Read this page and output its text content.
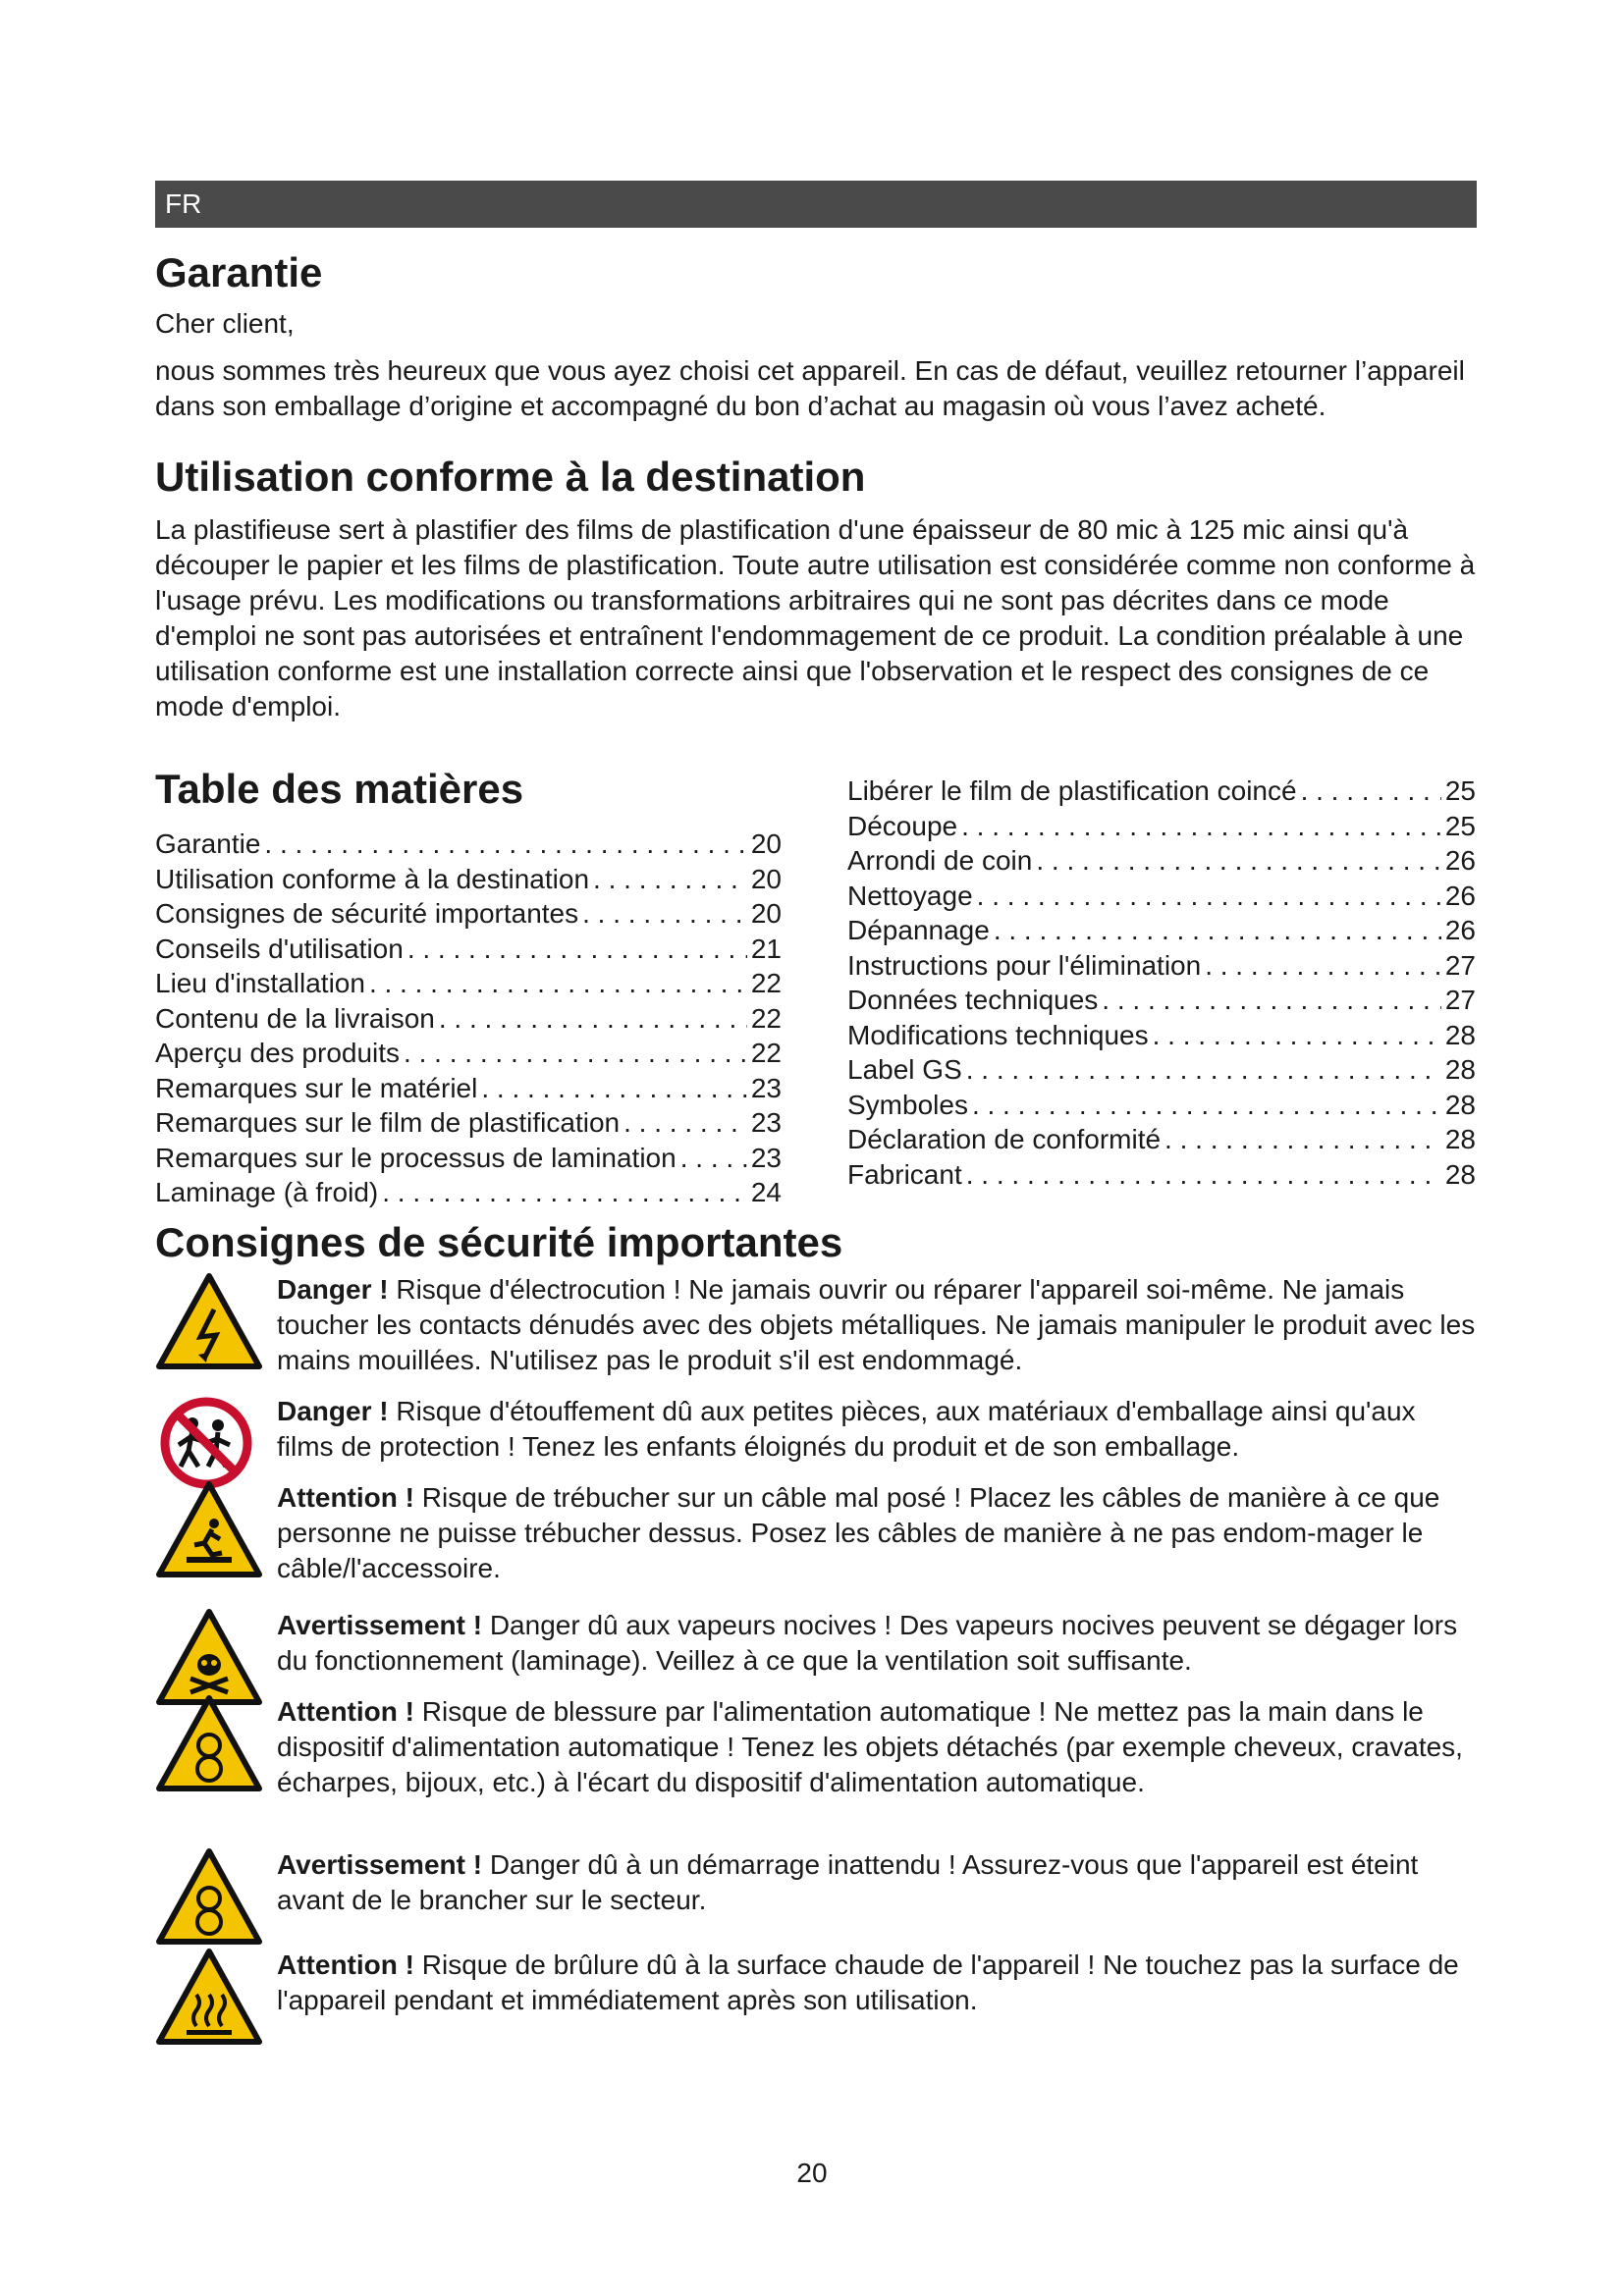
FR
Garantie

Cher client,

nous sommes très heureux que vous ayez choisi cet appareil. En cas de défaut, veuillez retourner l’appareil dans son emballage d’origine et accompagné du bon d’achat au magasin où vous l’avez acheté.

Utilisation conforme à la destination

La plastifieuse sert à plastifier des films de plastification d'une épaisseur de 80 mic à 125 mic ainsi qu'à découper le papier et les films de plastification. Toute autre utilisation est considérée comme non conforme à l'usage prévu. Les modifications ou transformations arbitraires qui ne sont pas décrites dans ce mode d'emploi ne sont pas autorisées et entraînent l'endommagement de ce produit. La condition préalable à une utilisation conforme est une installation correcte ainsi que l'observation et le respect des consignes de ce mode d'emploi.

Table des matières
Garantie . . .	20
Utilisation conforme à la destination . . .	20
Consignes de sécurité importantes . . .	20
Conseils d'utilisation . . .	21
Lieu d'installation . . .	22
Contenu de la livraison . . .	22
Aperçu des produits . . .	22
Remarques sur le matériel . . .	23
Remarques sur le film de plastification . . .	23
Remarques sur le processus de lamination . . .	23
Laminage (à froid) . . .	24
Libérer le film de plastification coincé . . .	25
Découpe . . .	25
Arrondi de coin . . .	26
Nettoyage . . .	26
Dépannage . . .	26
Instructions pour l'élimination . . .	27
Données techniques . . .	27
Modifications techniques . . .	28
Label GS . . .	28
Symboles . . .	28
Déclaration de conformité . . .	28
Fabricant . . .	28
Consignes de sécurité importantes

Danger ! Risque d'électrocution ! Ne jamais ouvrir ou réparer l'appareil soi-même. Ne jamais toucher les contacts dénudés avec des objets métalliques. Ne jamais manipuler le produit avec les mains mouillées. N'utilisez pas le produit s'il est endommagé.

Danger ! Risque d'étouffement dû aux petites pièces, aux matériaux d'emballage ainsi qu'aux films de protection ! Tenez les enfants éloignés du produit et de son emballage.

Attention ! Risque de trébucher sur un câble mal posé ! Placez les câbles de manière à ce que personne ne puisse trébucher dessus. Posez les câbles de manière à ne pas endom-mager le câble/l'accessoire.

Avertissement ! Danger dû aux vapeurs nocives ! Des vapeurs nocives peuvent se dégager lors du fonctionnement (laminage). Veillez à ce que la ventilation soit suffisante.

Attention ! Risque de blessure par l'alimentation automatique ! Ne mettez pas la main dans le dispositif d'alimentation automatique ! Tenez les objets détachés (par exemple cheveux, cravates, écharpes, bijoux, etc.) à l'écart du dispositif d'alimentation automatique.

Avertissement ! Danger dû à un démarrage inattendu ! Assurez-vous que l'appareil est éteint avant de le brancher sur le secteur.

Attention ! Risque de brûlure dû à la surface chaude de l'appareil ! Ne touchez pas la surface de l'appareil pendant et immédiatement après son utilisation.

20
